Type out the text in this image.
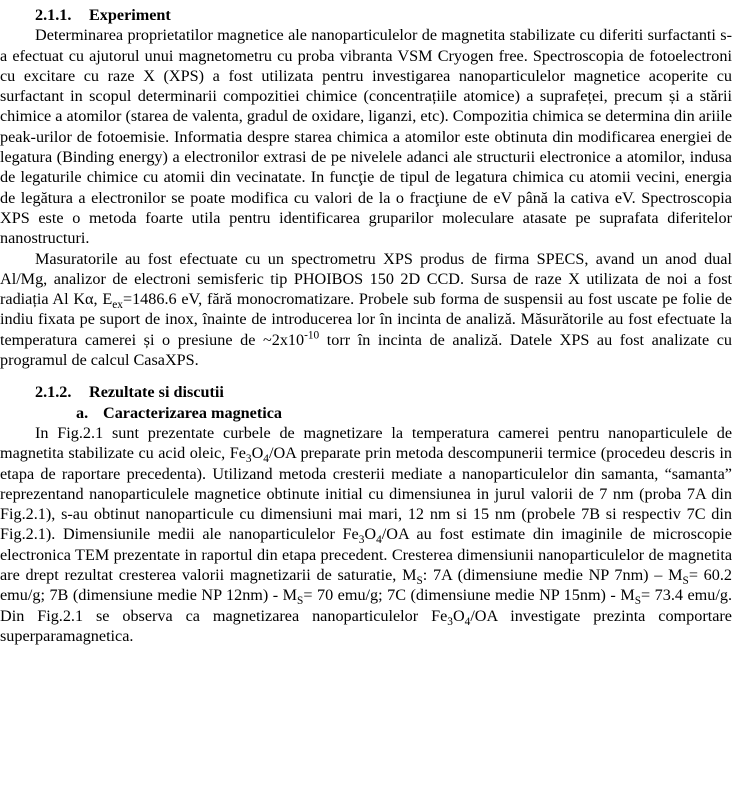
2.1.1. Experiment

Determinarea proprietatilor magnetice ale nanoparticulelor de magnetita stabilizate cu diferiti surfactanti s-a efectuat cu ajutorul unui magnetometru cu proba vibranta VSM Cryogen free. Spectroscopia de fotoelectroni cu excitare cu raze X (XPS) a fost utilizata pentru investigarea nanoparticulelor magnetice acoperite cu surfactant in scopul determinarii compozitiei chimice (concentrațiile atomice) a suprafeței, precum și a stării chimice a atomilor (starea de valenta, gradul de oxidare, liganzi, etc). Compozitia chimica se determina din ariile peak-urilor de fotoemisie. Informatia despre starea chimica a atomilor este obtinuta din modificarea energiei de legatura (Binding energy) a electronilor extrasi de pe nivelele adanci ale structurii electronice a atomilor, indusa de legaturile chimice cu atomii din vecinatate. In funcţie de tipul de legatura chimica cu atomii vecini, energia de legătura a electronilor se poate modifica cu valori de la o fracţiune de eV până la cativa eV. Spectroscopia XPS este o metoda foarte utila pentru identificarea gruparilor moleculare atasate pe suprafata diferitelor nanostructuri.

Masuratorile au fost efectuate cu un spectrometru XPS produs de firma SPECS, avand un anod dual Al/Mg, analizor de electroni semisferic tip PHOIBOS 150 2D CCD. Sursa de raze X utilizata de noi a fost radiația Al Kα, $E_{ex}=1486.6$ eV, fără monocromatizare. Probele sub forma de suspensii au fost uscate pe folie de indiu fixata pe suport de inox, înainte de introducerea lor în incinta de analiză. Măsurătorile au fost efectuate la temperatura camerei și o presiune de $\sim 2x10^{-10}$ torr în incinta de analiză. Datele XPS au fost analizate cu programul de calcul CasaXPS.

2.1.2. Rezultate si discutii

a. Caracterizarea magnetica

In Fig.2.1 sunt prezentate curbele de magnetizare la temperatura camerei pentru nanoparticulele de magnetita stabilizate cu acid oleic, $Fe_3O_4/OA$ preparate prin metoda descompunerii termice (procedeu descris in etapa de raportare precedenta). Utilizand metoda cresterii mediate a nanoparticulelor din samanta, “samanta” reprezentand nanoparticulele magnetice obtinute initial cu dimensiunea in jurul valorii de 7 nm (proba 7A din Fig.2.1), s-au obtinut nanoparticule cu dimensiuni mai mari, 12 nm si 15 nm (probele 7B si respectiv 7C din Fig.2.1). Dimensiunile medii ale nanoparticulelor $Fe_3O_4/OA$ au fost estimate din imaginile de microscopie electronica TEM prezentate in raportul din etapa precedent. Cresterea dimensiunii nanoparticulelor de magnetita are drept rezultat cresterea valorii magnetizarii de saturatie, $M_S$: 7A (dimensiune medie NP $7nm) - M_S= 60.2$ emu/g; 7B (dimensiune medie NP $12nm) - M_S= 70$ emu/g; 7C (dimensiune medie NP $15nm) - M_S= 73.4$ emu/g. Din Fig.2.1 se observa ca magnetizarea nanoparticulelor $Fe_3O_4/OA$ investigate prezinta comportare superparamagnetica.
